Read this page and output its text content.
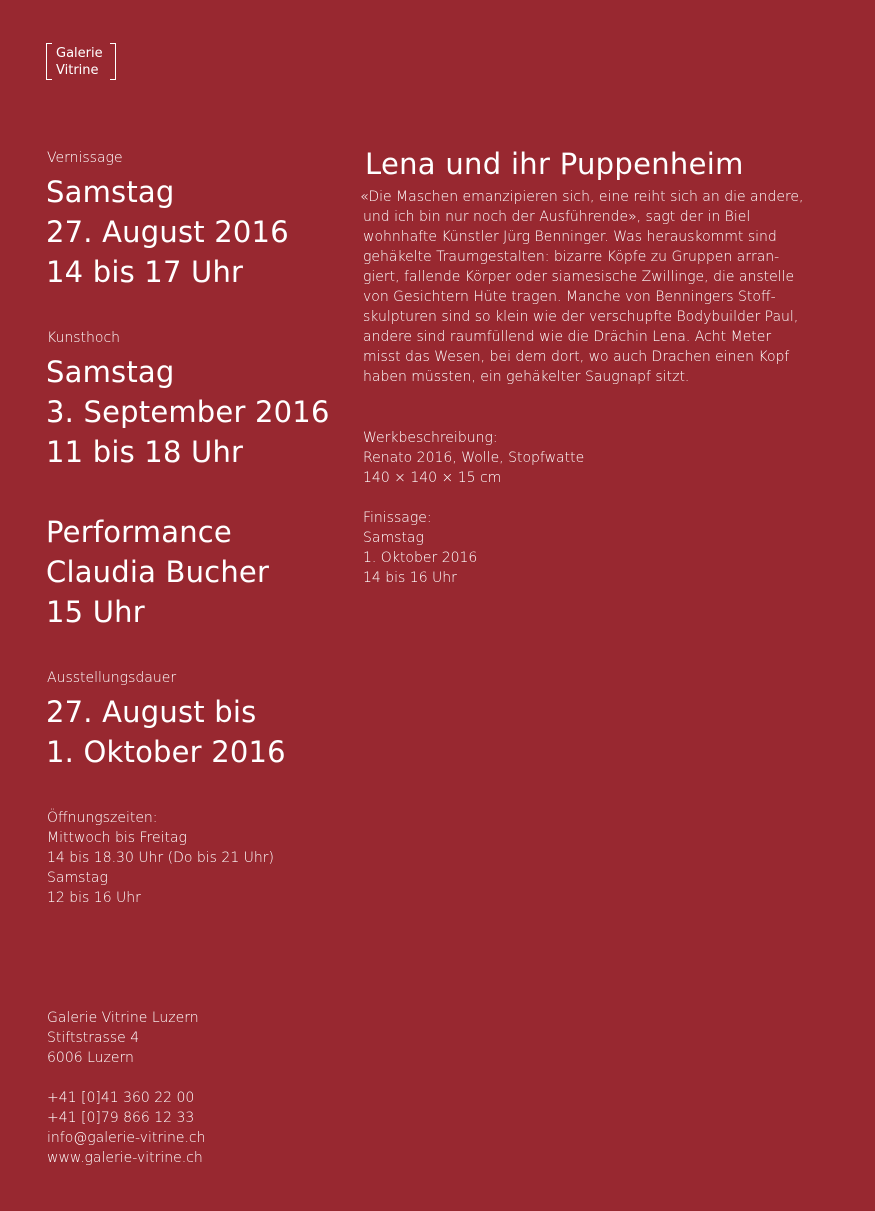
Galerie
Vitrine

Vernissage

Samstag
27. August 2016
14 bis 17 Uhr

Kunsthoch

Samstag
3. September 2016
11 bis 18 Uhr
Performance
Claudia Bucher
15 Uhr

Ausstellungsdauer

27. August bis
1. Oktober 2016
Öffnungszeiten:
Mittwoch bis Freitag
14 bis 18.30 Uhr (Do bis 21 Uhr)
Samstag
12 bis 16 Uhr
Galerie Vitrine Luzern
Stiftstrasse 4
6006 Luzern
+41 [0]41 360 22 00
+41 [0]79 866 12 33
info@galerie-vitrine.ch
www.galerie-vitrine.ch
Lena und ihr Puppenheim
«Die Maschen emanzipieren sich, eine reiht sich an die andere,
und ich bin nur noch der Ausführende», sagt der in Biel
wohnhafte Künstler Jürg Benninger. Was herauskommt sind
gehäkelte Traumgestalten: bizarre Köpfe zu Gruppen arran-
giert, fallende Körper oder siamesische Zwillinge, die anstelle
von Gesichtern Hüte tragen. Manche von Benningers Stoff-
skulpturen sind so klein wie der verschupfte Bodybuilder Paul,
andere sind raumfüllend wie die Drächin Lena. Acht Meter
misst das Wesen, bei dem dort, wo auch Drachen einen Kopf
haben müssten, ein gehäkelter Saugnapf sitzt.
Werkbeschreibung:
Renato 2016, Wolle, Stopfwatte
140 × 140 × 15 cm
Finissage:
Samstag
1. Oktober 2016
14 bis 16 Uhr
